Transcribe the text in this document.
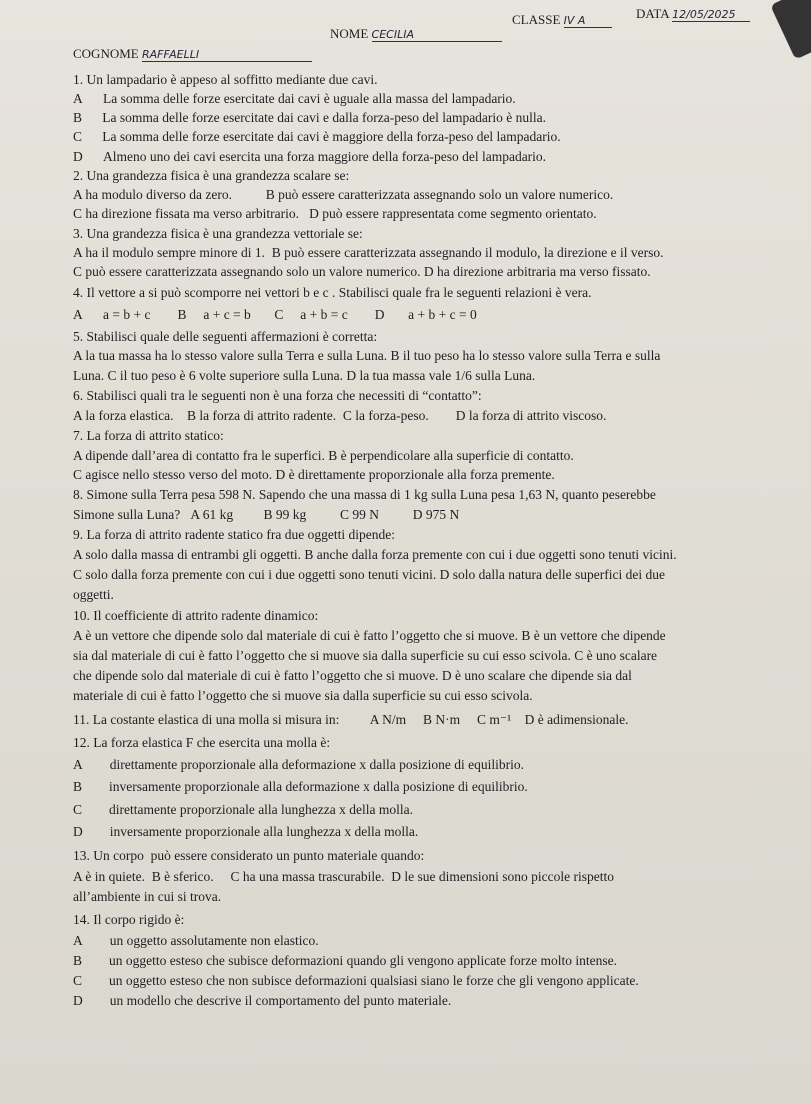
COGNOME RAFFAELLI
NOME CECILIA
CLASSE IV A	DATA 12/05/2025
1. Un lampadario è appeso al soffitto mediante due cavi.
A      La somma delle forze esercitate dai cavi è uguale alla massa del lampadario.
B      La somma delle forze esercitate dai cavi e dalla forza-peso del lampadario è nulla.
C      La somma delle forze esercitate dai cavi è maggiore della forza-peso del lampadario.
D      Almeno uno dei cavi esercita una forza maggiore della forza-peso del lampadario.
2. Una grandezza fisica è una grandezza scalare se:
A ha modulo diverso da zero.          B può essere caratterizzata assegnando solo un valore numerico.
C ha direzione fissata ma verso arbitrario.   D può essere rappresentata come segmento orientato.
3. Una grandezza fisica è una grandezza vettoriale se:
A ha il modulo sempre minore di 1.  B può essere caratterizzata assegnando il modulo, la direzione e il verso.
C può essere caratterizzata assegnando solo un valore numerico. D ha direzione arbitraria ma verso fissato.
4. Il vettore a si può scomporre nei vettori b e c . Stabilisci quale fra le seguenti relazioni è vera.
A      a = b + c        B     a + c = b       C     a + b = c        D       a + b + c = 0
5. Stabilisci quale delle seguenti affermazioni è corretta:
A la tua massa ha lo stesso valore sulla Terra e sulla Luna. B il tuo peso ha lo stesso valore sulla Terra e sulla
Luna. C il tuo peso è 6 volte superiore sulla Luna. D la tua massa vale 1/6 sulla Luna.
6. Stabilisci quali tra le seguenti non è una forza che necessiti di “contatto”:
A la forza elastica.    B la forza di attrito radente.  C la forza-peso.        D la forza di attrito viscoso.
7. La forza di attrito statico:
A dipende dall’area di contatto fra le superfici. B è perpendicolare alla superficie di contatto.
C agisce nello stesso verso del moto. D è direttamente proporzionale alla forza premente.
8. Simone sulla Terra pesa 598 N. Sapendo che una massa di 1 kg sulla Luna pesa 1,63 N, quanto peserebbe
Simone sulla Luna?   A 61 kg         B 99 kg          C 99 N          D 975 N
9. La forza di attrito radente statico fra due oggetti dipende:
A solo dalla massa di entrambi gli oggetti. B anche dalla forza premente con cui i due oggetti sono tenuti vicini.
C solo dalla forza premente con cui i due oggetti sono tenuti vicini. D solo dalla natura delle superfici dei due
oggetti.
10. Il coefficiente di attrito radente dinamico:
A è un vettore che dipende solo dal materiale di cui è fatto l’oggetto che si muove. B è un vettore che dipende
sia dal materiale di cui è fatto l’oggetto che si muove sia dalla superficie su cui esso scivola. C è uno scalare
che dipende solo dal materiale di cui è fatto l’oggetto che si muove. D è uno scalare che dipende sia dal
materiale di cui è fatto l’oggetto che si muove sia dalla superficie su cui esso scivola.
11. La costante elastica di una molla si misura in:         A N/m     B N·m     C m⁻¹    D è adimensionale.
12. La forza elastica F che esercita una molla è:
A        direttamente proporzionale alla deformazione x dalla posizione di equilibrio.
B        inversamente proporzionale alla deformazione x dalla posizione di equilibrio.
C        direttamente proporzionale alla lunghezza x della molla.
D        inversamente proporzionale alla lunghezza x della molla.
13. Un corpo  può essere considerato un punto materiale quando:
A è in quiete.  B è sferico.     C ha una massa trascurabile.  D le sue dimensioni sono piccole rispetto
all’ambiente in cui si trova.
14. Il corpo rigido è:
A        un oggetto assolutamente non elastico.
B        un oggetto esteso che subisce deformazioni quando gli vengono applicate forze molto intense.
C        un oggetto esteso che non subisce deformazioni qualsiasi siano le forze che gli vengono applicate.
D        un modello che descrive il comportamento del punto materiale.
